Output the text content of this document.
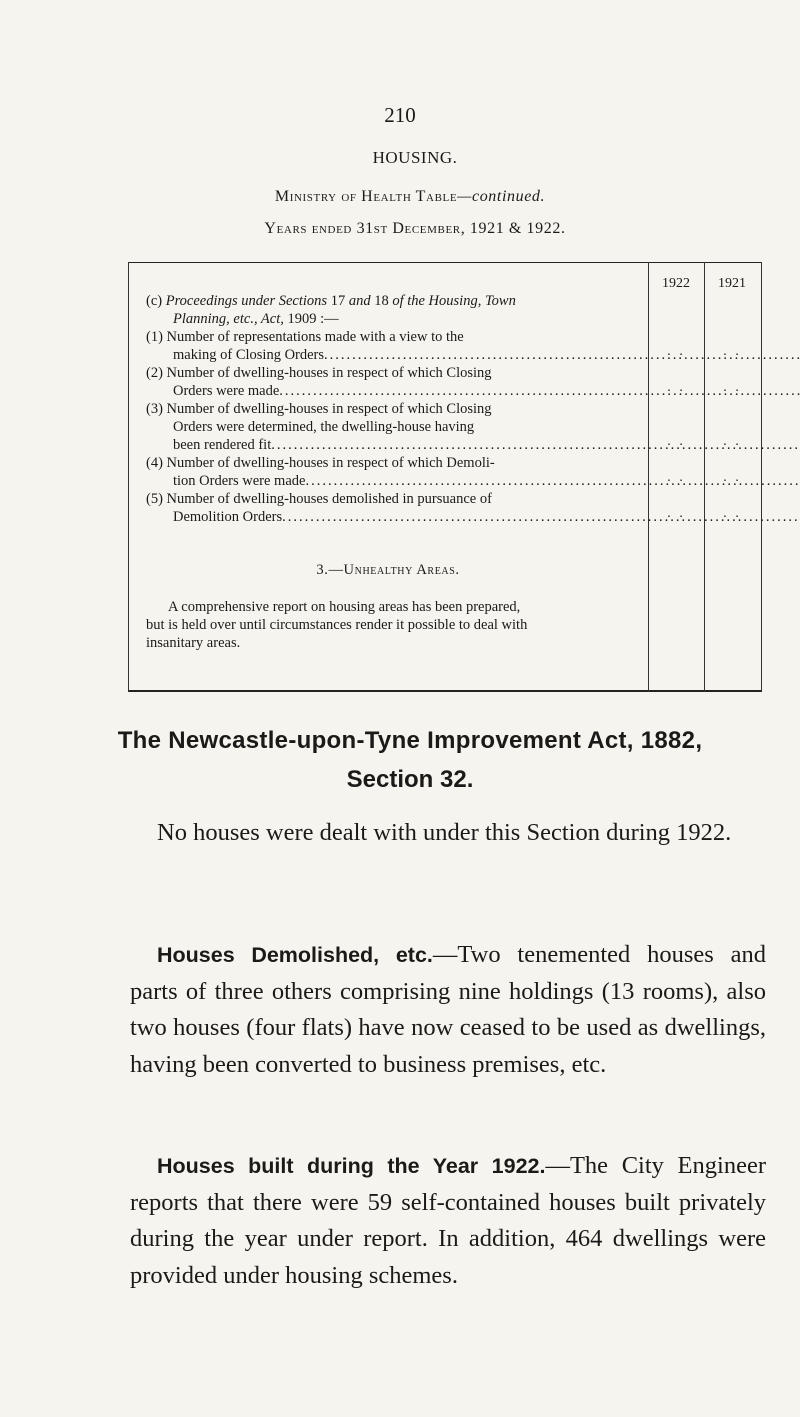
210
HOUSING.
Ministry of Health Table—continued.
Years ended 31st December, 1921 & 1922.
1922	1921
(c) Proceedings under Sections 17 and 18 of the Housing, Town
Planning, etc., Act, 1909 :—
(1) Number of representations made with a view to the
making of Closing Orders .....	· ·	· ·
(2) Number of dwelling-houses in respect of which Closing
Orders were made .....	· ·	· ·
(3) Number of dwelling-houses in respect of which Closing
Orders were determined, the dwelling-house having
been rendered fit .....	· ·	· ·
(4) Number of dwelling-houses in respect of which Demoli-
tion Orders were made .....	· ·	· ·
(5) Number of dwelling-houses demolished in pursuance of
Demolition Orders .....	· ·	· ·
3.—Unhealthy Areas.
A comprehensive report on housing areas has been prepared,
but is held over until circumstances render it possible to deal with
insanitary areas.
The Newcastle-upon-Tyne Improvement Act, 1882,
Section 32.
No houses were dealt with under this Section during 1922.
Houses Demolished, etc.—Two tenemented houses and parts of three others comprising nine holdings (13 rooms), also two houses (four flats) have now ceased to be used as dwellings, having been converted to business premises, etc.
Houses built during the Year 1922.—The City Engineer reports that there were 59 self-contained houses built privately during the year under report. In addition, 464 dwellings were provided under housing schemes.
